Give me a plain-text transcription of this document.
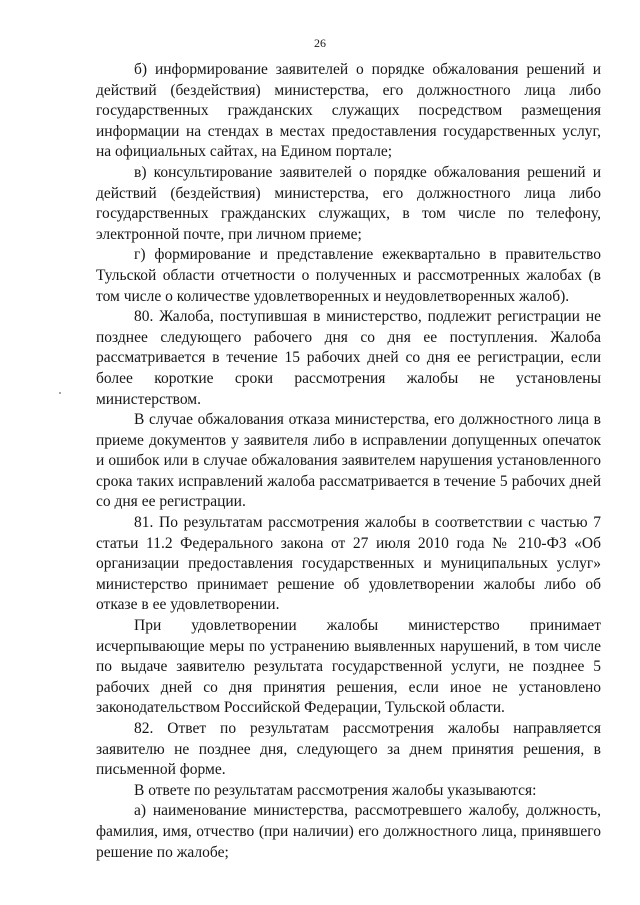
26

б) информирование заявителей о порядке обжалования решений и действий (бездействия) министерства, его должностного лица либо государственных гражданских служащих посредством размещения информации на стендах в местах предоставления государственных услуг, на официальных сайтах, на Едином портале;

в) консультирование заявителей о порядке обжалования решений и действий (бездействия) министерства, его должностного лица либо государственных гражданских служащих, в том числе по телефону, электронной почте, при личном приеме;

г) формирование и представление ежеквартально в правительство Тульской области отчетности о полученных и рассмотренных жалобах (в том числе о количестве удовлетворенных и неудовлетворенных жалоб).

80. Жалоба, поступившая в министерство, подлежит регистрации не позднее следующего рабочего дня со дня ее поступления. Жалоба рассматривается в течение 15 рабочих дней со дня ее регистрации, если более короткие сроки рассмотрения жалобы не установлены министерством.

В случае обжалования отказа министерства, его должностного лица в приеме документов у заявителя либо в исправлении допущенных опечаток и ошибок или в случае обжалования заявителем нарушения установленного срока таких исправлений жалоба рассматривается в течение 5 рабочих дней со дня ее регистрации.

81. По результатам рассмотрения жалобы в соответствии с частью 7 статьи 11.2 Федерального закона от 27 июля 2010 года № 210-ФЗ «Об организации предоставления государственных и муниципальных услуг» министерство принимает решение об удовлетворении жалобы либо об отказе в ее удовлетворении.

При удовлетворении жалобы министерство принимает исчерпывающие меры по устранению выявленных нарушений, в том числе по выдаче заявителю результата государственной услуги, не позднее 5 рабочих дней со дня принятия решения, если иное не установлено законодательством Российской Федерации, Тульской области.

82. Ответ по результатам рассмотрения жалобы направляется заявителю не позднее дня, следующего за днем принятия решения, в письменной форме.

В ответе по результатам рассмотрения жалобы указываются:

а) наименование министерства, рассмотревшего жалобу, должность, фамилия, имя, отчество (при наличии) его должностного лица, принявшего решение по жалобе;
